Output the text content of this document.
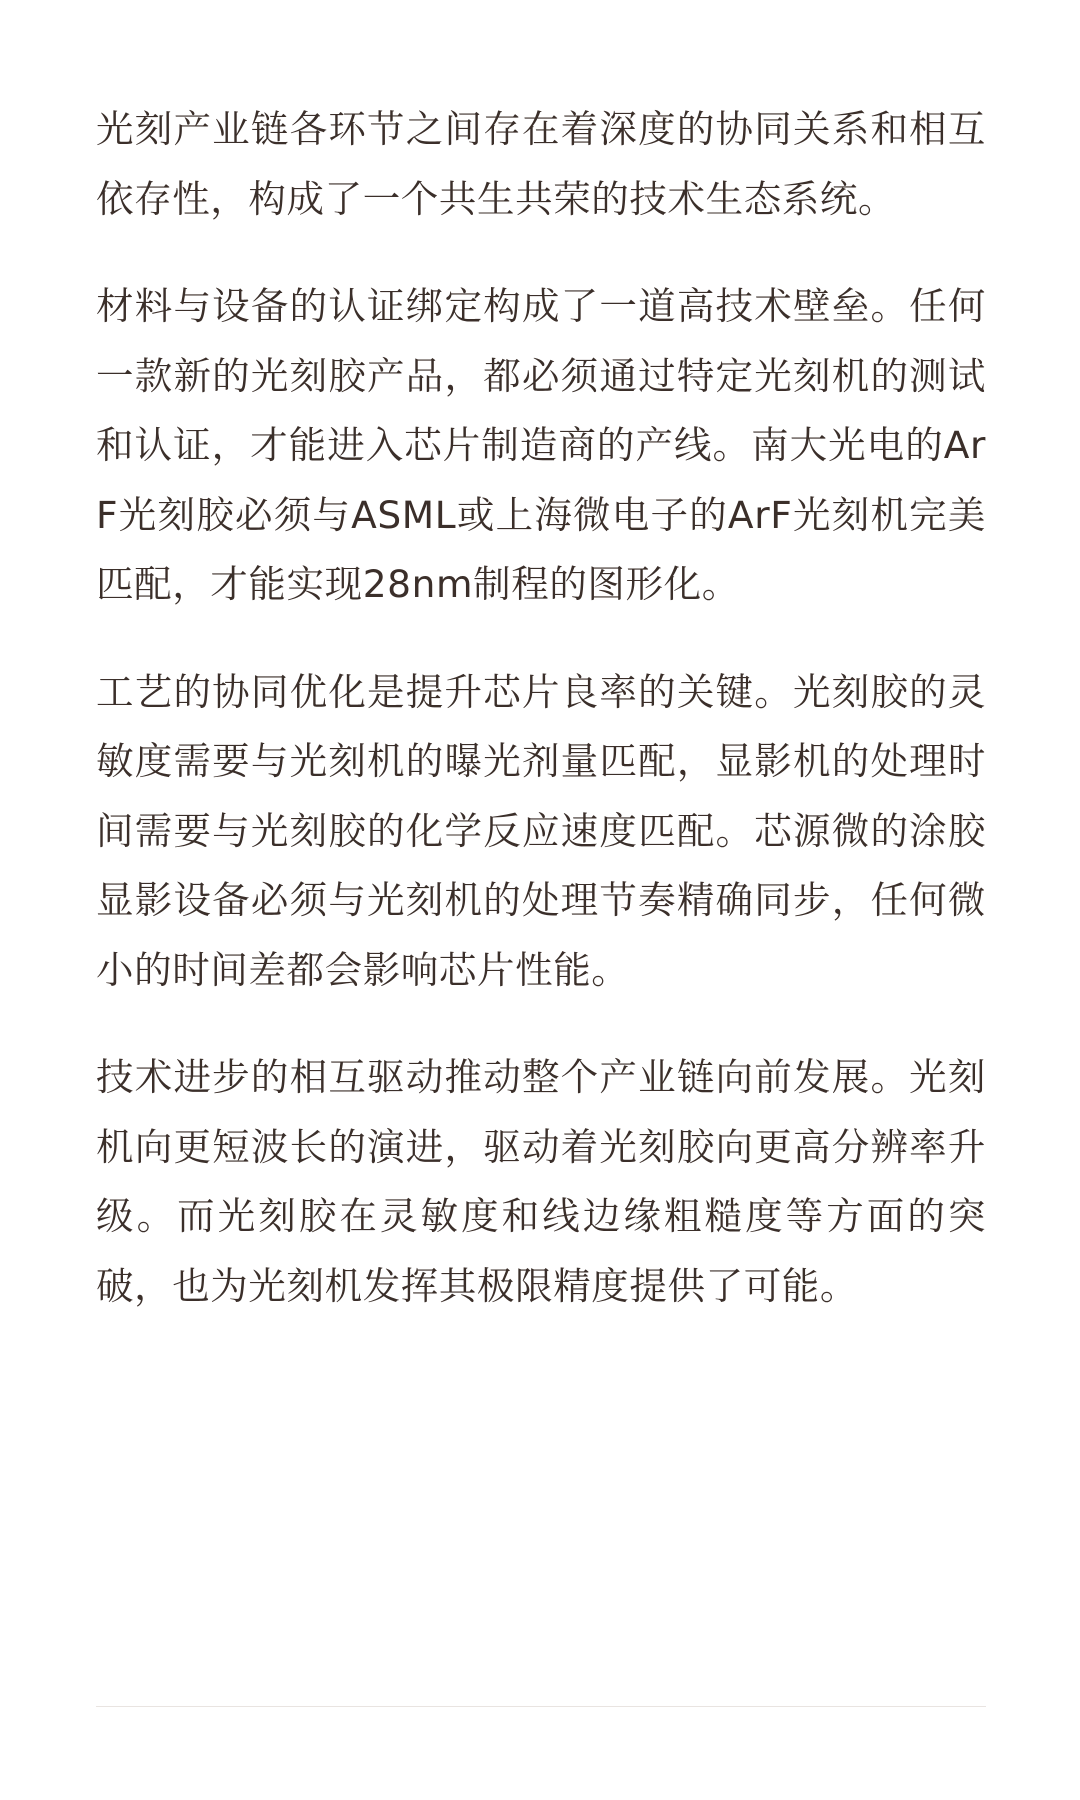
光刻产业链各环节之间存在着深度的协同关系和相互依存性，构成了一个共生共荣的技术生态系统。

材料与设备的认证绑定构成了一道高技术壁垒。任何一款新的光刻胶产品，都必须通过特定光刻机的测试和认证，才能进入芯片制造商的产线。南大光电的ArF光刻胶必须与ASML或上海微电子的ArF光刻机完美匹配，才能实现28nm制程的图形化。

工艺的协同优化是提升芯片良率的关键。光刻胶的灵敏度需要与光刻机的曝光剂量匹配，显影机的处理时间需要与光刻胶的化学反应速度匹配。芯源微的涂胶显影设备必须与光刻机的处理节奏精确同步，任何微小的时间差都会影响芯片性能。

技术进步的相互驱动推动整个产业链向前发展。光刻机向更短波长的演进，驱动着光刻胶向更高分辨率升级。而光刻胶在灵敏度和线边缘粗糙度等方面的突破，也为光刻机发挥其极限精度提供了可能。
